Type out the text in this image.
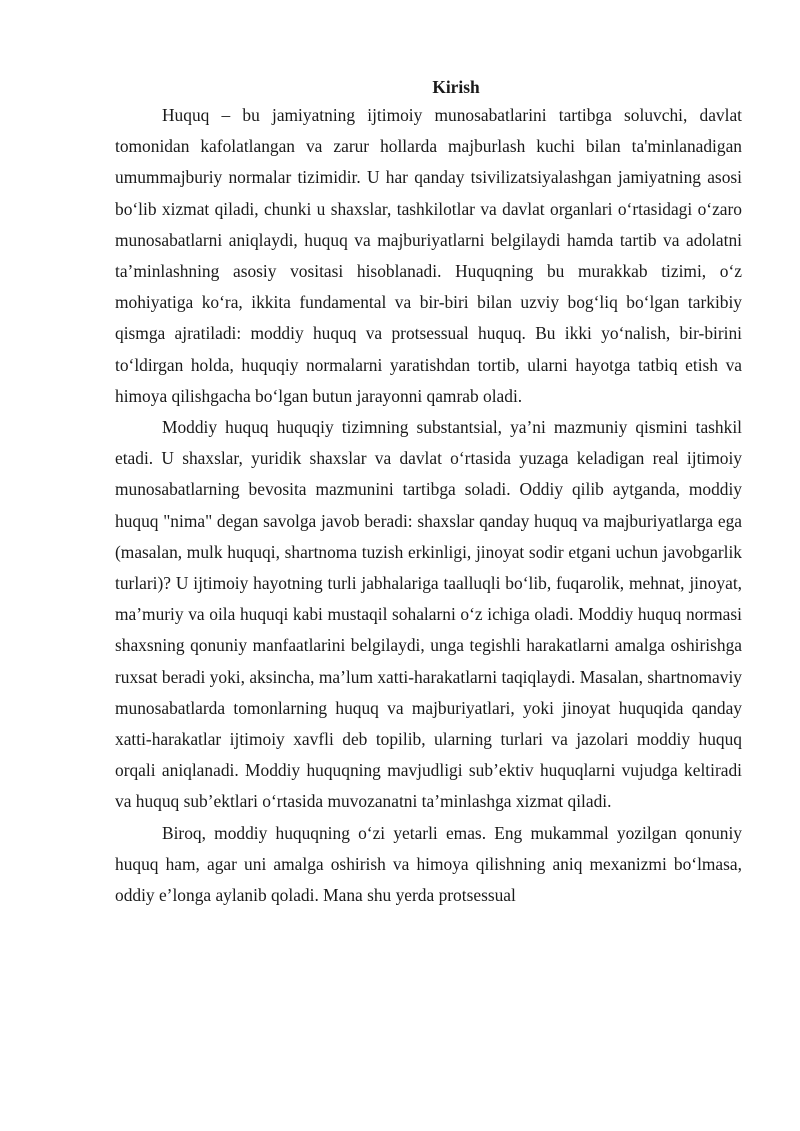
Kirish

Huquq – bu jamiyatning ijtimoiy munosabatlarini tartibga soluvchi, davlat tomonidan kafolatlangan va zarur hollarda majburlash kuchi bilan ta'minlanadigan umummajburiy normalar tizimidir. U har qanday tsivilizatsiyalashgan jamiyatning asosi bo‘lib xizmat qiladi, chunki u shaxslar, tashkilotlar va davlat organlari o‘rtasidagi o‘zaro munosabatlarni aniqlaydi, huquq va majburiyatlarni belgilaydi hamda tartib va adolatni ta’minlashning asosiy vositasi hisoblanadi. Huquqning bu murakkab tizimi, o‘z mohiyatiga ko‘ra, ikkita fundamental va bir-biri bilan uzviy bog‘liq bo‘lgan tarkibiy qismga ajratiladi: moddiy huquq va protsessual huquq. Bu ikki yo‘nalish, bir-birini to‘ldirgan holda, huquqiy normalarni yaratishdan tortib, ularni hayotga tatbiq etish va himoya qilishgacha bo‘lgan butun jarayonni qamrab oladi.

Moddiy huquq huquqiy tizimning substantsial, ya’ni mazmuniy qismini tashkil etadi. U shaxslar, yuridik shaxslar va davlat o‘rtasida yuzaga keladigan real ijtimoiy munosabatlarning bevosita mazmunini tartibga soladi. Oddiy qilib aytganda, moddiy huquq "nima" degan savolga javob beradi: shaxslar qanday huquq va majburiyatlarga ega (masalan, mulk huquqi, shartnoma tuzish erkinligi, jinoyat sodir etgani uchun javobgarlik turlari)? U ijtimoiy hayotning turli jabhalariga taalluqli bo‘lib, fuqarolik, mehnat, jinoyat, ma’muriy va oila huquqi kabi mustaqil sohalarni o‘z ichiga oladi. Moddiy huquq normasi shaxsning qonuniy manfaatlarini belgilaydi, unga tegishli harakatlarni amalga oshirishga ruxsat beradi yoki, aksincha, ma’lum xatti-harakatlarni taqiqlaydi. Masalan, shartnomaviy munosabatlarda tomonlarning huquq va majburiyatlari, yoki jinoyat huquqida qanday xatti-harakatlar ijtimoiy xavfli deb topilib, ularning turlari va jazolari moddiy huquq orqali aniqlanadi. Moddiy huquqning mavjudligi sub’ektiv huquqlarni vujudga keltiradi va huquq sub’ektlari o‘rtasida muvozanatni ta’minlashga xizmat qiladi.

Biroq, moddiy huquqning o‘zi yetarli emas. Eng mukammal yozilgan qonuniy huquq ham, agar uni amalga oshirish va himoya qilishning aniq mexanizmi bo‘lmasa, oddiy e’longa aylanib qoladi. Mana shu yerda protsessual
